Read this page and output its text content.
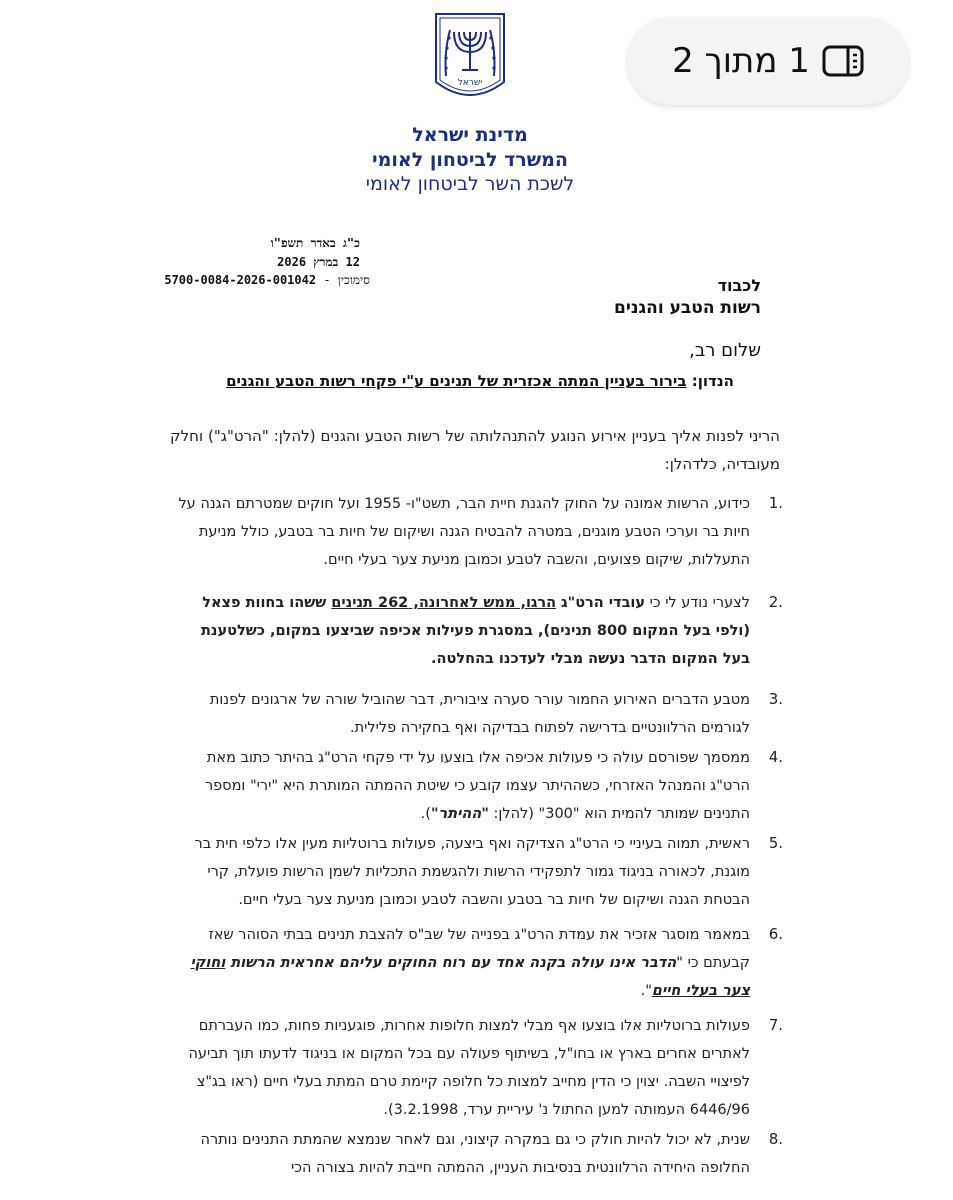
ישראל
מדינת ישראל
המשרד לביטחון לאומי
לשכת השר לביטחון לאומי
1 מתוך 2
כ"ג באדר תשפ"ו
12 במרץ 2026
סימוכין - 5700-0084-2026-001042	לכבוד
רשות הטבע והגנים
שלום רב,
הנדון: בירור בעניין המתה אכזרית של תנינים ע"י פקחי רשות הטבע והגנים
הריני לפנות אליך בעניין אירוע הנוגע להתנהלותה של רשות הטבע והגנים (להלן: "הרט"ג") וחלק מעובדיה, כלדהלן:
1.
כידוע, הרשות אמונה על החוק להגנת חיית הבר, תשט"ו- 1955 ועל חוקים שמטרתם הגנה על חיות בר וערכי הטבע מוגנים, במטרה להבטיח הגנה ושיקום של חיות בר בטבע, כולל מניעת התעללות, שיקום פצועים, והשבה לטבע וכמובן מניעת צער בעלי חיים.
2.
לצערי נודע לי כי עובדי הרט"ג הרגו, ממש לאחרונה, 262 תנינים ששהו בחוות פצאל (ולפי בעל המקום 800 תנינים), במסגרת פעילות אכיפה שביצעו במקום, כשלטענת בעל המקום הדבר נעשה מבלי לעדכנו בהחלטה.
3.
מטבע הדברים האירוע החמור עורר סערה ציבורית, דבר שהוביל שורה של ארגונים לפנות לגורמים הרלוונטיים בדרישה לפתוח בבדיקה ואף בחקירה פלילית.
4.
ממסמך שפורסם עולה כי פעולות אכיפה אלו בוצעו על ידי פקחי הרט"ג בהיתר כתוב מאת הרט"ג והמנהל האזרחי, כשההיתר עצמו קובע כי שיטת ההמתה המותרת היא "ירי" ומספר התנינים שמותר להמית הוא "300" (להלן: "ההיתר").
5.
ראשית, תמוה בעיניי כי הרט"ג הצדיקה ואף ביצעה, פעולות ברוטליות מעין אלו כלפי חית בר מוגנת, לכאורה בניגוד גמור לתפקידי הרשות ולהגשמת התכליות לשמן הרשות פועלת, קרי הבטחת הגנה ושיקום של חיות בר בטבע והשבה לטבע וכמובן מניעת צער בעלי חיים.
6.
במאמר מוסגר אזכיר את עמדת הרט"ג בפנייה של שב"ס להצבת תנינים בבתי הסוהר שאז קבעתם כי "הדבר אינו עולה בקנה אחד עם רוח החוקים עליהם אחראית הרשות וחוקי צער בעלי חיים".
7.
פעולות ברוטליות אלו בוצעו אף מבלי למצות חלופות אחרות, פוגעניות פחות, כמו העברתם לאתרים אחרים בארץ או בחו"ל, בשיתוף פעולה עם בכל המקום או בניגוד לדעתו תוך תביעה לפיצויי השבה. יצוין כי הדין מחייב למצות כל חלופה קיימת טרם המתת בעלי חיים (ראו בג"צ 6446/96 העמותה למען החתול נ' עיריית ערד, 3.2.1998).
8.
שנית, לא יכול להיות חולק כי גם במקרה קיצוני, וגם לאחר שנמצא שהמתת התנינים נותרה החלופה היחידה הרלוונטית בנסיבות העניין, ההמתה חייבת להיות בצורה הכי
